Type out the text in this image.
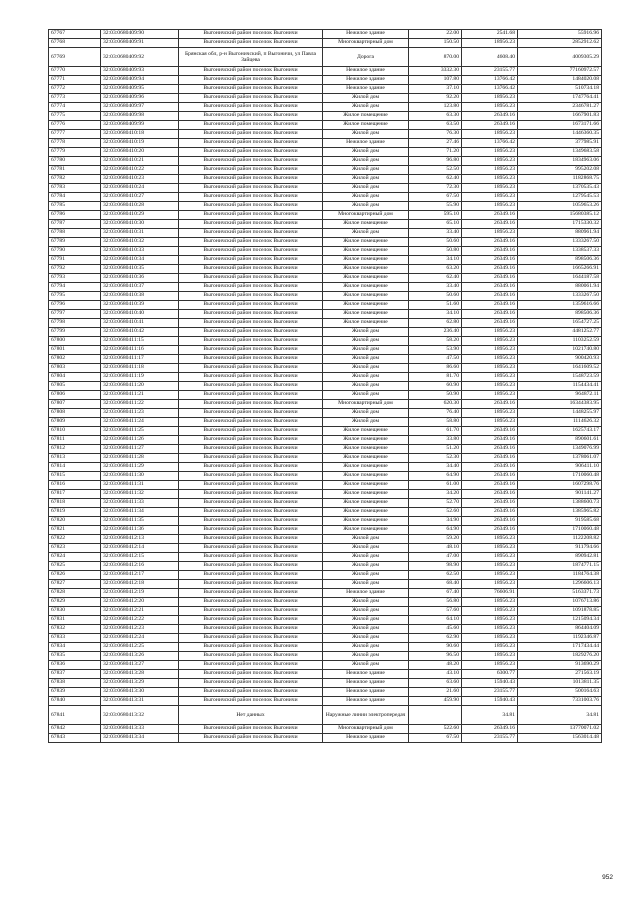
67767	32:03:0680409:90	Выгоничский район поселок Выгоничи	Нежилое здание	22.00	2541.68	55916.96
67768	32:03:0680409:91	Выгоничский район поселок Выгоничи	Многоквартирный дом	150.50	18956.23	2852912.62
67769	32:03:0680409:92	Брянская обл, р-н Выгоничский, п Выгоничи, ул Павла Зайцева	Дорога	870.00	4608.40	4009305.29
67770	32:03:0680409:93	Выгоничский район поселок Выгоничи	Нежилое здание	3332.30	23155.77	77160972.57
67771	32:03:0680409:94	Выгоничский район поселок Выгоничи	Нежилое здание	107.80	13766.42	1484020.08
67772	32:03:0680409:95	Выгоничский район поселок Выгоничи	Нежилое здание	37.10	13766.42	510734.18
67773	32:03:0680409:96	Выгоничский район поселок Выгоничи	Жилой дом	92.20	18956.23	1747764.41
67774	32:03:0680409:97	Выгоничский район поселок Выгоничи	Жилой дом	123.80	18956.23	2346781.27
67775	32:03:0680409:98	Выгоничский район поселок Выгоничи	Жилое помещение	63.30	26349.16	1667901.83
67776	32:03:0680409:99	Выгоничский район поселок Выгоничи	Жилое помещение	63.50	26349.16	1673171.66
67777	32:03:0680410:18	Выгоничский район поселок Выгоничи	Жилой дом	76.30	18956.23	1446360.35
67778	32:03:0680410:19	Выгоничский район поселок Выгоничи	Нежилое здание	27.46	13766.42	377985.91
67779	32:03:0680410:20	Выгоничский район поселок Выгоничи	Жилой дом	71.20	18956.23	1349683.58
67780	32:03:0680410:21	Выгоничский район поселок Выгоничи	Жилой дом	96.80	18956.23	1834963.06
67781	32:03:0680410:22	Выгоничский район поселок Выгоничи	Жилой дом	52.50	18956.23	995202.08
67782	32:03:0680410:23	Выгоничский район поселок Выгоничи	Жилой дом	62.40	18956.23	1182868.75
67783	32:03:0680410:24	Выгоничский район поселок Выгоничи	Жилой дом	72.30	18956.23	1370535.43
67784	32:03:0680410:27	Выгоничский район поселок Выгоничи	Жилой дом	67.50	18956.23	1279545.53
67785	32:03:0680410:28	Выгоничский район поселок Выгоничи	Жилой дом	55.90	18956.23	1059653.26
67786	32:03:0680410:29	Выгоничский район поселок Выгоничи	Многоквартирный дом	595.10	26349.16	15680385.12
67787	32:03:0680410:30	Выгоничский район поселок Выгоничи	Жилое помещение	65.10	26349.16	1715330.32
67788	32:03:0680410:31	Выгоничский район поселок Выгоничи	Жилой дом	33.40	18956.23	880961.94
67789	32:03:0680410:32	Выгоничский район поселок Выгоничи	Жилое помещение	50.60	26349.16	1333267.50
67790	32:03:0680410:33	Выгоничский район поселок Выгоничи	Жилое помещение	50.80	26349.16	1338537.33
67791	32:03:0680410:34	Выгоничский район поселок Выгоничи	Жилое помещение	34.10	26349.16	898506.36
67792	32:03:0680410:35	Выгоничский район поселок Выгоничи	Жилое помещение	63.20	26349.16	1665266.91
67793	32:03:0680410:36	Выгоничский район поселок Выгоничи	Жилое помещение	62.40	26349.16	1644187.58
67794	32:03:0680410:37	Выгоничский район поселок Выгоничи	Жилое помещение	33.40	26349.16	880061.94
67795	32:03:0680410:38	Выгоничский район поселок Выгоничи	Жилое помещение	50.60	26349.16	1333267.50
67796	32:03:0680410:39	Выгоничский район поселок Выгоничи	Жилое помещение	51.60	26349.16	1359616.66
67797	32:03:0680410:40	Выгоничский район поселок Выгоничи	Жилое помещение	34.10	26349.16	898506.36
67798	32:03:0680410:41	Выгоничский район поселок Выгоничи	Жилое помещение	62.80	26349.16	1654727.25
67799	32:03:0680410:42	Выгоничский район поселок Выгоничи	Жилой дом	236.40	18956.23	4481252.77
67800	32:03:0680411:15	Выгоничский район поселок Выгоничи	Жилой дом	58.20	18956.23	1103252.59
67801	32:03:0680411:16	Выгоничский район поселок Выгоничи	Жилой дом	53.90	18956.23	1021740.80
67802	32:03:0680411:17	Выгоничский район поселок Выгоничи	Жилой дом	47.50	18956.23	900420.93
67803	32:03:0680411:18	Выгоничский район поселок Выгоничи	Жилой дом	86.60	18956.23	1641609.52
67804	32:03:0680411:19	Выгоничский район поселок Выгоничи	Жилой дом	81.70	18956.23	1548723.59
67805	32:03:0680411:20	Выгоничский район поселок Выгоничи	Жилой дом	60.90	18956.23	1154434.41
67806	32:03:0680411:21	Выгоничский район поселок Выгоничи	Жилой дом	50.90	18956.23	964872.11
67807	32:03:0680411:22	Выгоничский район поселок Выгоничи	Многоквартирный дом	620.30	26349.16	16344383.95
67808	32:03:0680411:23	Выгоничский район поселок Выгоничи	Жилой дом	76.40	18956.23	1448255.97
67809	32:03:0680411:24	Выгоничский район поселок Выгоничи	Жилой дом	58.80	18956.23	1114626.32
67810	32:03:0680411:25	Выгоничский район поселок Выгоничи	Жилое помещение	61.70	26349.16	1625743.17
67811	32:03:0680411:26	Выгоничский район поселок Выгоничи	Жилое помещение	33.80	26349.16	890601.61
67812	32:03:0680411:27	Выгоничский район поселок Выгоничи	Жилое помещение	51.20	26349.16	1349076.99
67813	32:03:0680411:28	Выгоничский район поселок Выгоничи	Жилое помещение	52.30	26349.16	1378061.07
67814	32:03:0680411:29	Выгоничский район поселок Выгоничи	Жилое помещение	34.40	26349.16	906411.10
67815	32:03:0680411:30	Выгоничский район поселок Выгоничи	Жилое помещение	64.90	26349.16	1710060.48
67816	32:03:0680411:31	Выгоничский район поселок Выгоничи	Жилое помещение	61.00	26349.16	1607298.76
67817	32:03:0680411:32	Выгоничский район поселок Выгоничи	Жилое помещение	34.20	26349.16	901141.27
67818	32:03:0680411:33	Выгоничский район поселок Выгоничи	Жилое помещение	52.70	26349.16	1388600.73
67819	32:03:0680411:34	Выгоничский район поселок Выгоничи	Жилое помещение	52.60	26349.16	1385965.82
67820	32:03:0680411:35	Выгоничский район поселок Выгоничи	Жилое помещение	34.90	26349.16	919585.68
67821	32:03:0680411:36	Выгоничский район поселок Выгоничи	Жилое помещение	64.90	26349.16	1710060.48
67822	32:03:0680412:13	Выгоничский район поселок Выгоничи	Жилой дом	59.20	18956.23	1122208.82
67823	32:03:0680412:14	Выгоничский район поселок Выгоничи	Жилой дом	48.10	18956.23	911794.66
67824	32:03:0680412:15	Выгоничский район поселок Выгоничи	Жилой дом	47.00	18956.23	890942.81
67825	32:03:0680412:16	Выгоничский район поселок Выгоничи	Жилой дом	98.90	18956.23	1874771.15
67826	32:03:0680412:17	Выгоничский район поселок Выгоничи	Жилой дом	62.50	18956.23	1184764.38
67827	32:03:0680412:18	Выгоничский район поселок Выгоничи	Жилой дом	68.40	18956.23	1296606.13
67828	32:03:0680412:19	Выгоничский район поселок Выгоничи	Нежилое здание	67.40	76606.91	5163371.73
67829	32:03:0680412:20	Выгоничский район поселок Выгоничи	Жилой дом	56.80	18956.23	1076713.86
67830	32:03:0680412:21	Выгоничский район поселок Выгоничи	Жилой дом	57.60	18956.23	1091878.85
67831	32:03:0680412:22	Выгоничский район поселок Выгоничи	Жилой дом	64.10	18956.23	1215094.34
67832	32:03:0680412:23	Выгоничский район поселок Выгоничи	Жилой дом	45.60	18956.23	864404.09
67833	32:03:0680412:24	Выгоничский район поселок Выгоничи	Жилой дом	62.90	18956.23	1192346.87
67834	32:03:0680412:25	Выгоничский район поселок Выгоничи	Жилой дом	90.60	18956.23	1717434.44
67835	32:03:0680413:26	Выгоничский район поселок Выгоничи	Жилой дом	96.50	18956.23	1829276.20
67836	32:03:0680413:27	Выгоничский район поселок Выгоничи	Жилой дом	48.20	18956.23	913690.29
67837	32:03:0680413:28	Выгоничский район поселок Выгоничи	Нежилое здание	43.10	6300.77	271563.19
67838	32:03:0680413:29	Выгоничский район поселок Выгоничи	Нежилое здание	63.60	15940.43	1013811.35
67839	32:03:0680413:30	Выгоничский район поселок Выгоничи	Нежилое здание	21.60	23155.77	500164.63
67840	32:03:0680413:31	Выгоничский район поселок Выгоничи	Нежилое здание	459.90	15940.43	7331003.76
67841	32:03:0680413:32	Нет данных	Наружные линии электропередач		34.81	34.81
67842	32:03:0680413:33	Выгоничский район поселок Выгоничи	Многоквартирный дом	522.60	26349.16	13770071.02
67843	32:03:0680413:34	Выгоничский район поселок Выгоничи	Нежилое здание	67.50	23155.77	1563014.48
952
